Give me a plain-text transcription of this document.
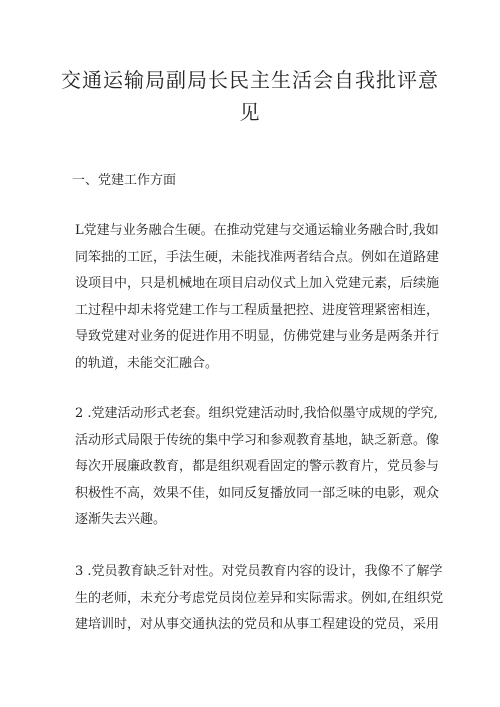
交通运输局副局长民主生活会自我批评意
见
一、党建工作方面

L党建与业务融合生硬。在推动党建与交通运输业务融合时,我如
同笨拙的工匠，手法生硬，未能找准两者结合点。例如在道路建
设项目中，只是机械地在项目启动仪式上加入党建元素，后续施
工过程中却未将党建工作与工程质量把控、进度管理紧密相连，
导致党建对业务的促进作用不明显，仿佛党建与业务是两条并行
的轨道，未能交汇融合。

2 .党建活动形式老套。组织党建活动时,我恰似墨守成规的学究,
活动形式局限于传统的集中学习和参观教育基地，缺乏新意。像
每次开展廉政教育，都是组织观看固定的警示教育片，党员参与
积极性不高，效果不佳，如同反复播放同一部乏味的电影，观众
逐渐失去兴趣。

3 .党员教育缺乏针对性。对党员教育内容的设计，我像不了解学
生的老师，未充分考虑党员岗位差异和实际需求。例如,在组织党
建培训时，对从事交通执法的党员和从事工程建设的党员，采用
